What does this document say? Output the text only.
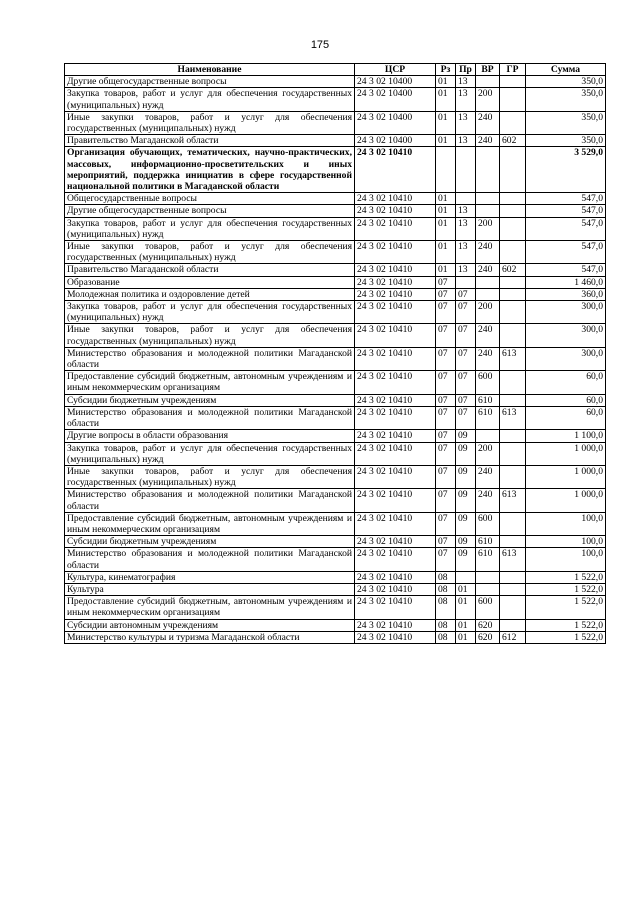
175
Наименование	ЦСР	Рз	Пр	ВР	ГР	Сумма
Другие общегосударственные вопросы	24 3 02 10400	01	13			350,0
Закупка товаров, работ и услуг для обеспечения государственных (муниципальных) нужд	24 3 02 10400	01	13	200		350,0
Иные закупки товаров, работ и услуг для обеспечения государственных (муниципальных) нужд	24 3 02 10400	01	13	240		350,0
Правительство Магаданской области	24 3 02 10400	01	13	240	602	350,0
Организация обучающих, тематических, научно-практических, массовых, информационно-просветительских и иных мероприятий, поддержка инициатив в сфере государственной национальной политики в Магаданской области	24 3 02 10410					3 529,0
Общегосударственные вопросы	24 3 02 10410	01				547,0
Другие общегосударственные вопросы	24 3 02 10410	01	13			547,0
Закупка товаров, работ и услуг для обеспечения государственных (муниципальных) нужд	24 3 02 10410	01	13	200		547,0
Иные закупки товаров, работ и услуг для обеспечения государственных (муниципальных) нужд	24 3 02 10410	01	13	240		547,0
Правительство Магаданской области	24 3 02 10410	01	13	240	602	547,0
Образование	24 3 02 10410	07				1 460,0
Молодежная политика и оздоровление детей	24 3 02 10410	07	07			360,0
Закупка товаров, работ и услуг для обеспечения государственных (муниципальных) нужд	24 3 02 10410	07	07	200		300,0
Иные закупки товаров, работ и услуг для обеспечения государственных (муниципальных) нужд	24 3 02 10410	07	07	240		300,0
Министерство образования и молодежной политики Магаданской области	24 3 02 10410	07	07	240	613	300,0
Предоставление субсидий бюджетным, автономным учреждениям и иным некоммерческим организациям	24 3 02 10410	07	07	600		60,0
Субсидии бюджетным учреждениям	24 3 02 10410	07	07	610		60,0
Министерство образования и молодежной политики Магаданской области	24 3 02 10410	07	07	610	613	60,0
Другие вопросы в области образования	24 3 02 10410	07	09			1 100,0
Закупка товаров, работ и услуг для обеспечения государственных (муниципальных) нужд	24 3 02 10410	07	09	200		1 000,0
Иные закупки товаров, работ и услуг для обеспечения государственных (муниципальных) нужд	24 3 02 10410	07	09	240		1 000,0
Министерство образования и молодежной политики Магаданской области	24 3 02 10410	07	09	240	613	1 000,0
Предоставление субсидий бюджетным, автономным учреждениям и иным некоммерческим организациям	24 3 02 10410	07	09	600		100,0
Субсидии бюджетным учреждениям	24 3 02 10410	07	09	610		100,0
Министерство образования и молодежной политики Магаданской области	24 3 02 10410	07	09	610	613	100,0
Культура, кинематография	24 3 02 10410	08				1 522,0
Культура	24 3 02 10410	08	01			1 522,0
Предоставление субсидий бюджетным, автономным учреждениям и иным некоммерческим организациям	24 3 02 10410	08	01	600		1 522,0
Субсидии автономным учреждениям	24 3 02 10410	08	01	620		1 522,0
Министерство культуры и туризма Магаданской области	24 3 02 10410	08	01	620	612	1 522,0
